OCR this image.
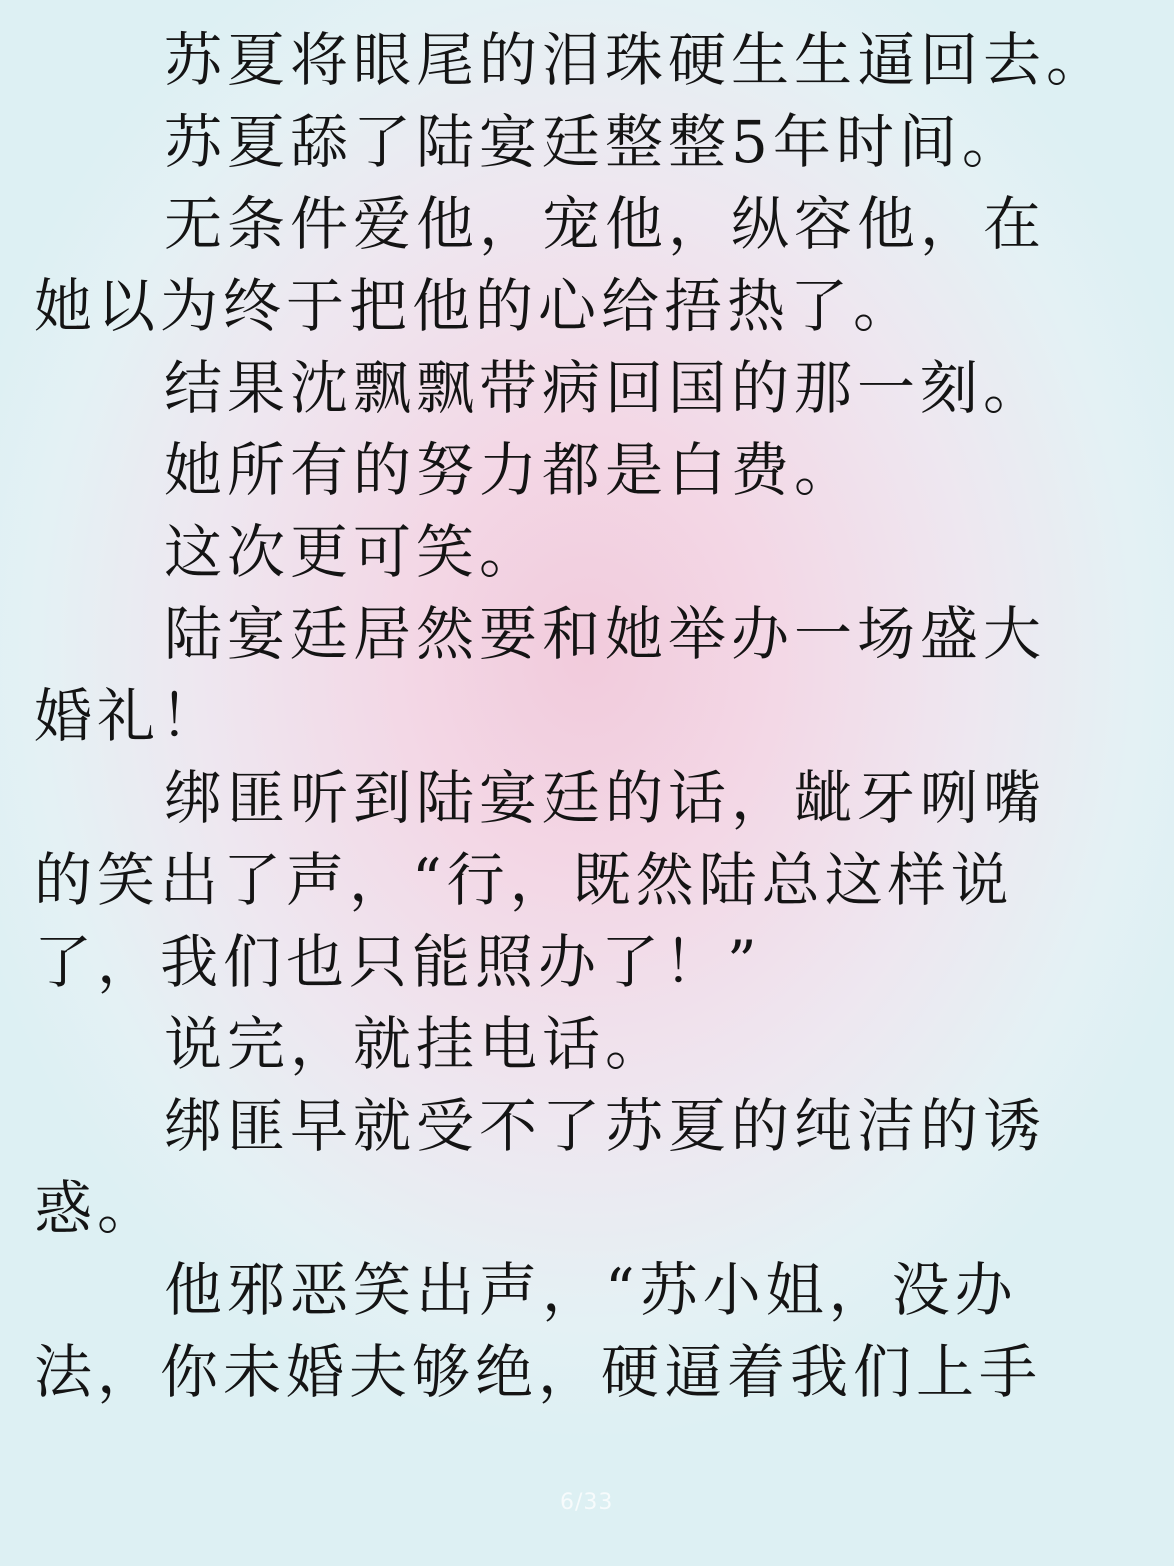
苏夏将眼尾的泪珠硬生生逼回去。
苏夏舔了陆宴廷整整5年时间。
无条件爱他，宠他，纵容他，在
她以为终于把他的心给捂热了。
结果沈飘飘带病回国的那一刻。
她所有的努力都是白费。
这次更可笑。
陆宴廷居然要和她举办一场盛大
婚礼！
绑匪听到陆宴廷的话，龇牙咧嘴
的笑出了声，“行，既然陆总这样说
了，我们也只能照办了！”
说完，就挂电话。
绑匪早就受不了苏夏的纯洁的诱
惑。
他邪恶笑出声，“苏小姐，没办
法，你未婚夫够绝，硬逼着我们上手
6/33
